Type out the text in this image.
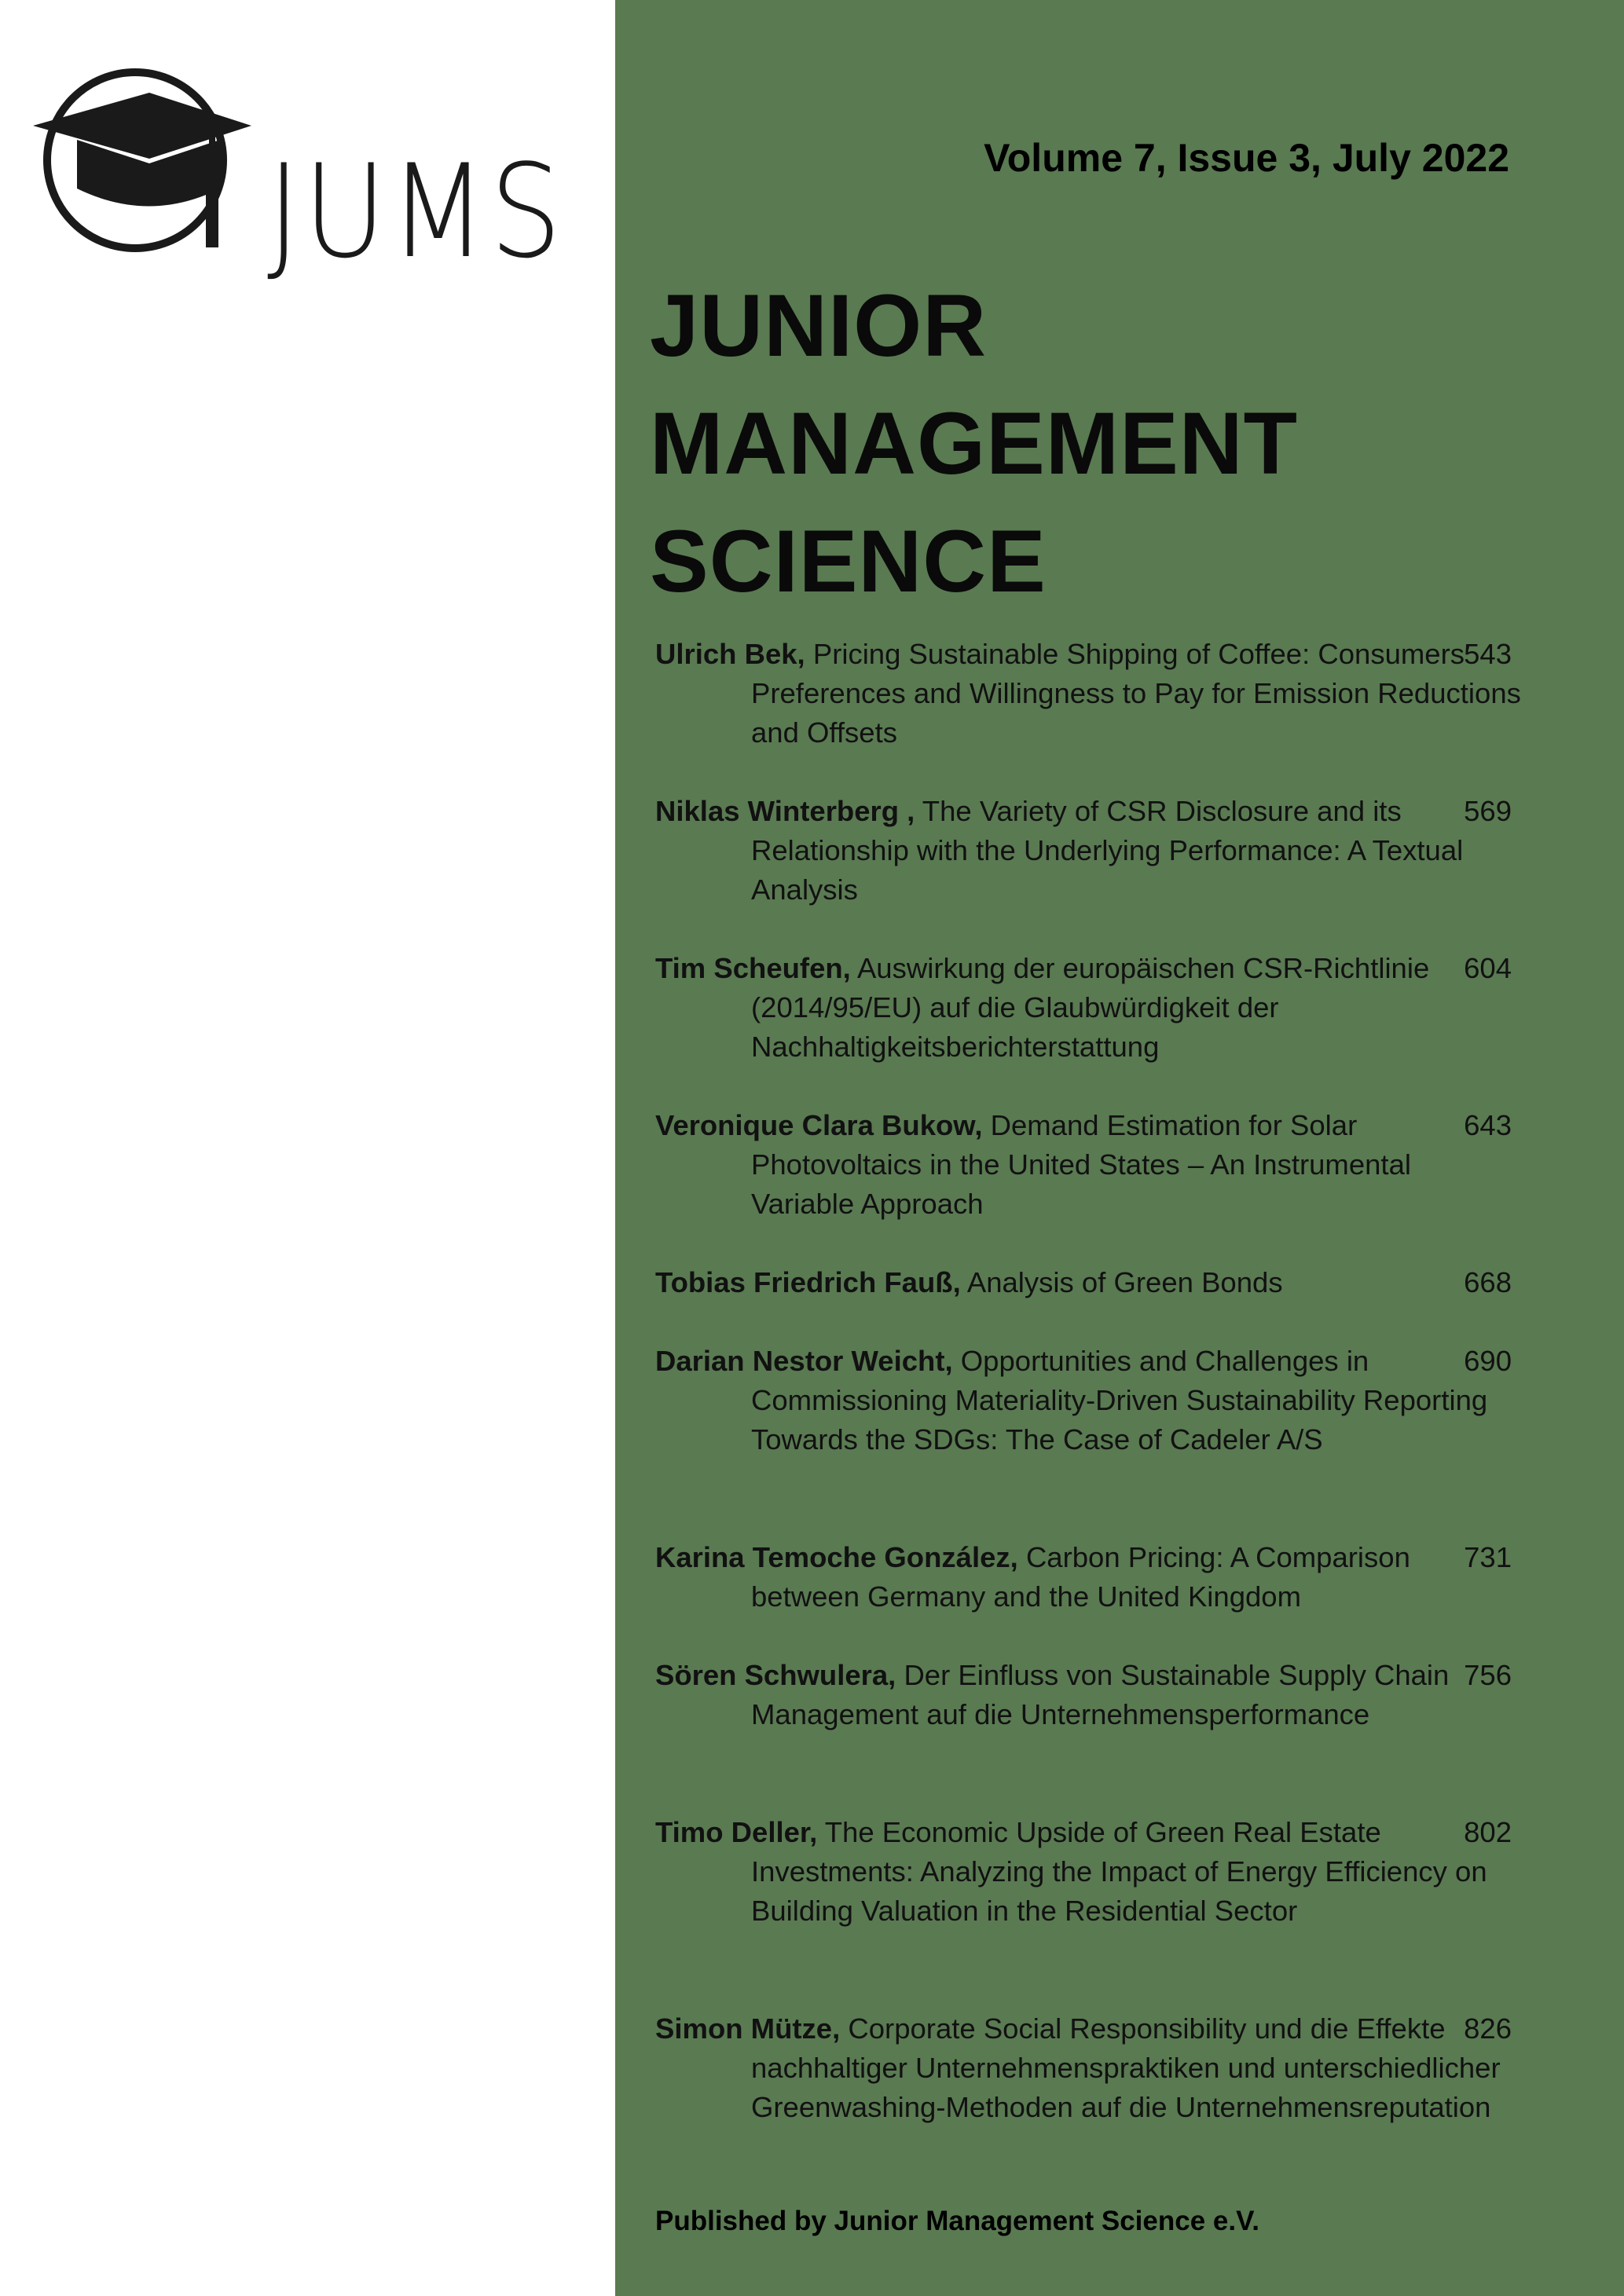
JUMS	Volume 7, Issue 3, July 2022
JUNIOR
MANAGEMENT
SCIENCE
Ulrich Bek, Pricing Sustainable Shipping of Coffee: Consumers’ Preferences and Willingness to Pay for Emission Reductions and Offsets
543
Niklas Winterberg , The Variety of CSR Disclosure and its Relationship with the Underlying Performance: A Textual Analysis
569
Tim Scheufen, Auswirkung der europäischen CSR-Richtlinie (2014/95/EU) auf die Glaubwürdigkeit der Nachhaltigkeitsberichterstattung
604
Veronique Clara Bukow, Demand Estimation for Solar Photovoltaics in the United States – An Instrumental Variable Approach
643
Tobias Friedrich Fauß, Analysis of Green Bonds	668
Darian Nestor Weicht, Opportunities and Challenges in Commissioning Materiality-Driven Sustainability Reporting Towards the SDGs: The Case of Cadeler A/S
690
Karina Temoche González, Carbon Pricing: A Comparison between Germany and the United Kingdom
731
Sören Schwulera, Der Einfluss von Sustainable Supply Chain Management auf die Unternehmensperformance
756
Timo Deller, The Economic Upside of Green Real Estate Investments: Analyzing the Impact of Energy Efficiency on Building Valuation in the Residential Sector
802
Simon Mütze, Corporate Social Responsibility und die Effekte nachhaltiger Unternehmenspraktiken und unterschiedlicher Greenwashing-Methoden auf die Unternehmensreputation
826
Published by Junior Management Science e.V.
